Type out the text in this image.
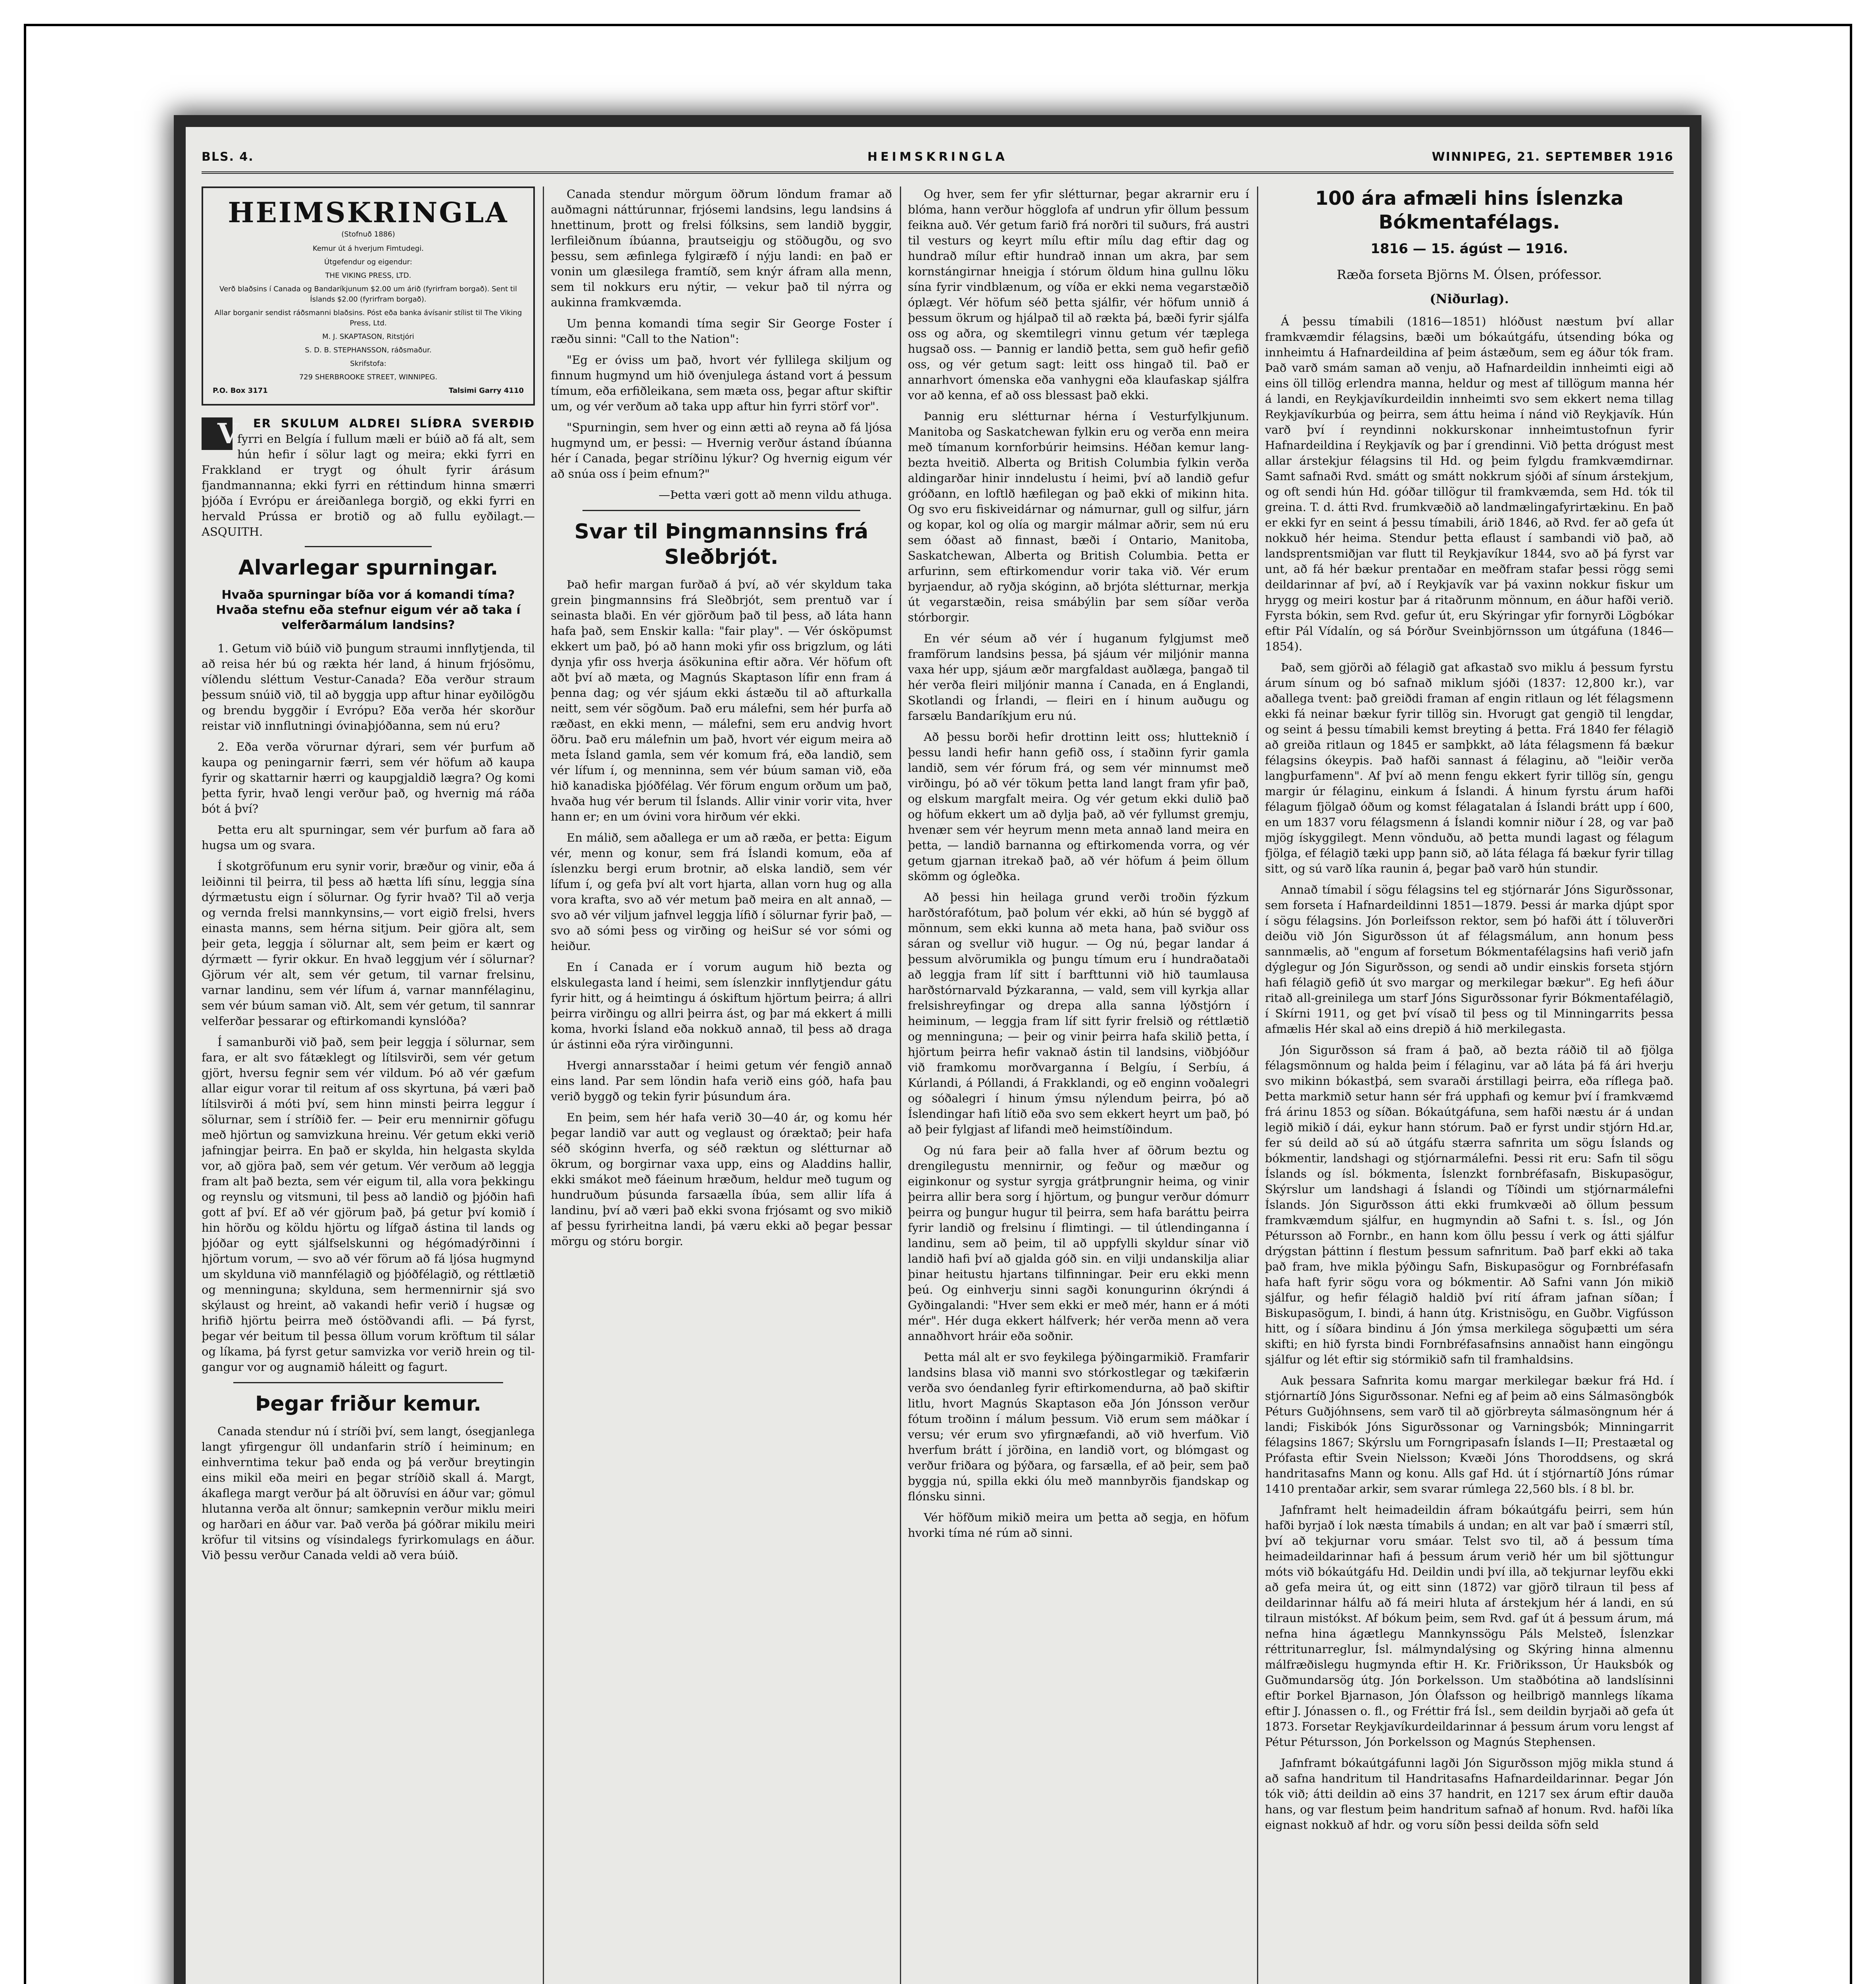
BLS. 4.	HEIMSKRINGLA	WINNIPEG, 21. SEPTEMBER 1916
HEIMSKRINGLA
(Stofnuð 1886)
Kemur út á hverjum Fimtudegi.
Útgefendur og eigendur:
THE VIKING PRESS, LTD.
Verð blaðsins í Canada og Bandaríkjunum $2.00 um árið (fyrirfram borgað). Sent til Íslands $2.00 (fyrirfram borgað).
Allar borganir sendist ráðsmanni blaðsins. Póst eða banka ávísanir stílist til The Viking Press, Ltd.
M. J. SKAPTASON, Ritstjóri
S. D. B. STEPHANSSON, ráðsmaður.
Skrifstofa:
729 SHERBROOKE STREET, WINNIPEG.
P.O. Box 3171	Talsimi Garry 4110

V ER SKULUM ALDREI SLÍÐRA SVERÐIÐ fyrri en Belgía í fullum mæli er búið að fá alt, sem hún hefir í sölur lagt og meira; ekki fyrri en Frakkland er trygt og óhult fyrir árásum fjandmannanna; ekki fyrri en réttindum hinna smærri þjóða í Evrópu er áreiðanlega borgið, og ekki fyrri en hervald Prússa er brotið og að fullu eyðilagt.—ASQUITH.

Alvarlegar spurningar.
Hvaða spurningar bíða vor á komandi tíma? Hvaða stefnu eða stefnur eigum vér að taka í velferðarmálum landsins?

1. Getum við búið við þungum straumi innflytjenda, til að reisa hér bú og rækta hér land, á hinum frjósömu, víðlendu sléttum Vestur-Canada? Eða verður straum þessum snúið við, til að byggja upp aftur hinar eyðilögðu og brendu byggðir í Evrópu? Eða verða hér skorður reistar við innflutningi óvinaþjóðanna, sem nú eru?

2. Eða verða vörurnar dýrari, sem vér þurfum að kaupa og peningarnir færri, sem vér höfum að kaupa fyrir og skattarnir hærri og kaupgjaldið lægra? Og komi þetta fyrir, hvað lengi verður það, og hvernig má ráða bót á því?

Þetta eru alt spurningar, sem vér þurfum að fara að hugsa um og svara.

Í skotgröfunum eru synir vorir, bræður og vinir, eða á leiðinni til þeirra, til þess að hætta lífi sínu, leggja sína dýrmætustu eign í sölurnar. Og fyrir hvað? Til að verja og vernda frelsi mannkynsins,— vort eigið frelsi, hvers einasta manns, sem hérna sitjum. Þeir gjöra alt, sem þeir geta, leggja í sölurnar alt, sem þeim er kært og dýrmætt — fyrir okkur. En hvað leggjum vér í sölurnar? Gjörum vér alt, sem vér getum, til varnar frelsinu, varnar landinu, sem vér lífum á, varnar mannfélaginu, sem vér búum saman við. Alt, sem vér getum, til sannrar velferðar þessarar og eftirkomandi kynslóða?

Í samanburði við það, sem þeir leggja í sölurnar, sem fara, er alt svo fátæklegt og lítilsvirði, sem vér getum gjört, hversu fegnir sem vér vildum. Þó að vér gæfum allar eigur vorar til reitum af oss skyrtuna, þá væri það lítilsvirði á móti því, sem hinn minsti þeirra leggur í sölurnar, sem í stríðið fer. — Þeir eru mennirnir göfugu með hjörtun og samvizkuna hreinu. Vér getum ekki verið jafningjar þeirra. En það er skylda, hin helgasta skylda vor, að gjöra það, sem vér getum. Vér verðum að leggja fram alt það bezta, sem vér eigum til, alla vora þekkingu og reynslu og vitsmuni, til þess að landið og þjóðin hafi gott af því. Ef að vér gjörum það, þá getur því komið í hin hörðu og köldu hjörtu og lífgað ástina til lands og þjóðar og eytt sjálfselskunni og hégómadýrðinni í hjörtum vorum, — svo að vér förum að fá ljósa hugmynd um skylduna við mannfélagið og þjóðfélagið, og réttlætið og menninguna; skylduna, sem hermennirnir sjá svo skýlaust og hreint, að vakandi hefir verið í hugsæ og hrifið hjörtu þeirra með óstöðvandi afli. — Þá fyrst, þegar vér beitum til þessa öllum vorum kröftum til sálar og líkama, þá fyrst getur samvizka vor verið hrein og til-gangur vor og augnamið háleitt og fagurt.

Þegar friður kemur.

Canada stendur nú í stríði því, sem langt, ósegjanlega langt yfirgengur öll undanfarin stríð í heiminum; en einhverntima tekur það enda og þá verður breytingin eins mikil eða meiri en þegar stríðið skall á. Margt, ákaflega margt verður þá alt öðruvísi en áður var; gömul hlutanna verða alt önnur; samkepnin verður miklu meiri og harðari en áður var. Það verða þá góðrar mikilu meiri kröfur til vitsins og vísindalegs fyrirkomulags en áður. Við þessu verður Canada veldi að vera búið.

Canada stendur mörgum öðrum löndum framar að auðmagni náttúrunnar, frjósemi landsins, legu landsins á hnettinum, þrott og frelsi fólksins, sem landið byggir, lerfileiðnum íbúanna, þrautseigju og stöðugðu, og svo þessu, sem æfinlega fylgiræfð í nýju landi: en það er vonin um glæsilega framtíð, sem knýr áfram alla menn, sem til nokkurs eru nýtir, — vekur það til nýrra og aukinna framkvæmda.

Um þenna komandi tíma segir Sir George Foster í ræðu sinni: "Call to the Nation":

"Eg er óviss um það, hvort vér fyllilega skiljum og finnum hugmynd um hið óvenjulega ástand vort á þessum tímum, eða erfiðleikana, sem mæta oss, þegar aftur skiftir um, og vér verðum að taka upp aftur hin fyrri störf vor".

"Spurningin, sem hver og einn ætti að reyna að fá ljósa hugmynd um, er þessi: — Hvernig verður ástand íbúanna hér í Canada, þegar stríðinu lýkur? Og hvernig eigum vér að snúa oss í þeim efnum?"

—Þetta væri gott að menn vildu athuga.

Svar til Þingmannsins frá Sleðbrjót.

Það hefir margan furðað á því, að vér skyldum taka grein þingmannsins frá Sleðbrjót, sem prentuð var í seinasta blaði. En vér gjörðum það til þess, að láta hann hafa það, sem Enskir kalla: "fair play". — Vér ósköpumst ekkert um það, þó að hann moki yfir oss brigzlum, og láti dynja yfir oss hverja ásökunina eftir aðra. Vér höfum oft aðt því að mæta, og Magnús Skaptason lífir enn fram á þenna dag; og vér sjáum ekki ástæðu til að afturkalla neitt, sem vér sögðum. Það eru málefni, sem hér þurfa að ræðast, en ekki menn, — málefni, sem eru andvig hvort öðru. Það eru málefnin um það, hvort vér eigum meira að meta Ísland gamla, sem vér komum frá, eða landið, sem vér lífum í, og menninna, sem vér búum saman við, eða hið kanadiska þjóðfélag. Vér förum engum orðum um það, hvaða hug vér berum til Íslands. Allir vinir vorir vita, hver hann er; en um óvini vora hirðum vér ekki.

En málið, sem aðallega er um að ræða, er þetta: Eigum vér, menn og konur, sem frá Íslandi komum, eða af íslenzku bergi erum brotnir, að elska landið, sem vér lífum í, og gefa því alt vort hjarta, allan vorn hug og alla vora krafta, svo að vér metum það meira en alt annað, — svo að vér viljum jafnvel leggja lífið í sölurnar fyrir það, — svo að sómi þess og virðing og heiSur sé vor sómi og heiður.

En í Canada er í vorum augum hið bezta og elskulegasta land í heimi, sem íslenzkir innflytjendur gátu fyrir hitt, og á heimtingu á óskiftum hjörtum þeirra; á allri þeirra virðingu og allri þeirra ást, og þar má ekkert á milli koma, hvorki Ísland eða nokkuð annað, til þess að draga úr ástinni eða rýra virðingunni.

Hvergi annarsstaðar í heimi getum vér fengið annað eins land. Par sem löndin hafa verið eins góð, hafa þau verið byggð og tekin fyrir þúsundum ára.

En þeim, sem hér hafa verið 30—40 ár, og komu hér þegar landið var autt og veglaust og óræktað; þeir hafa séð skóginn hverfa, og séð ræktun og slétturnar að ökrum, og borgirnar vaxa upp, eins og Aladdins hallir, ekki smákot með fáeinum hræðum, heldur með tugum og hundruðum þúsunda farsaælla íbúa, sem allir lífa á landinu, því að væri það ekki svona frjósamt og svo mikið af þessu fyrirheitna landi, þá væru ekki að þegar þessar mörgu og stóru borgir.

Og hver, sem fer yfir slétturnar, þegar akrarnir eru í blóma, hann verður högglofa af undrun yfir öllum þessum feikna auð. Vér getum farið frá norðri til suðurs, frá austri til vesturs og keyrt mílu eftir mílu dag eftir dag og hundrað mílur eftir hundrað innan um akra, þar sem kornstángirnar hneigja í stórum öldum hina gullnu löku sína fyrir vindblænum, og víða er ekki nema vegarstæðið óplægt. Vér höfum séð þetta sjálfir, vér höfum unnið á þessum ökrum og hjálpað til að rækta þá, bæði fyrir sjálfa oss og aðra, og skemtilegri vinnu getum vér tæplega hugsað oss. — Þannig er landið þetta, sem guð hefir gefið oss, og vér getum sagt: leitt oss hingað til. Það er annarhvort ómenska eða vanhygni eða klaufaskap sjálfra vor að kenna, ef að oss blessast það ekki.

Þannig eru slétturnar hérna í Vesturfylkjunum. Manitoba og Saskatchewan fylkin eru og verða enn meira með tímanum kornforbúrir heimsins. Héðan kemur lang-bezta hveitið. Alberta og British Columbia fylkin verða aldingarðar hinir inndelustu í heimi, því að landið gefur gróðann, en loftlð hæfilegan og það ekki of mikinn hita. Og svo eru fiskiveidárnar og námurnar, gull og silfur, járn og kopar, kol og olía og margir málmar aðrir, sem nú eru sem óðast að finnast, bæði í Ontario, Manitoba, Saskatchewan, Alberta og British Columbia. Þetta er arfurinn, sem eftirkomendur vorir taka við. Vér erum byrjaendur, að ryðja skóginn, að brjóta slétturnar, merkja út vegarstæðin, reisa smábýlin þar sem síðar verða stórborgir.

En vér séum að vér í huganum fylgjumst með framförum landsins þessa, þá sjáum vér miljónir manna vaxa hér upp, sjáum æðr margfaldast auðlæga, þangað til hér verða fleiri miljónir manna í Canada, en á Englandi, Skotlandi og Írlandi, — fleiri en í hinum auðugu og farsælu Bandaríkjum eru nú.

Að þessu borði hefir drottinn leitt oss; hlutteknið í þessu landi hefir hann gefið oss, í staðinn fyrir gamla landið, sem vér fórum frá, og sem vér minnumst með virðingu, þó að vér tökum þetta land langt fram yfir það, og elskum margfalt meira. Og vér getum ekki dulið það og höfum ekkert um að dylja það, að vér fyllumst gremju, hvenær sem vér heyrum menn meta annað land meira en þetta, — landið barnanna og eftirkomenda vorra, og vér getum gjarnan itrekað það, að vér höfum á þeim öllum skömm og ógleðka.

Að þessi hin heilaga grund verði troðin fýzkum harðstórafótum, það þolum vér ekki, að hún sé byggð af mönnum, sem ekki kunna að meta hana, það sviður oss sáran og svellur við hugur. — Og nú, þegar landar á þessum alvörumikla og þungu tímum eru í hundraðataði að leggja fram líf sitt í barfttunni við hið taumlausa harðstórnarvald Þýzkaranna, — vald, sem vill kyrkja allar frelsishreyfingar og drepa alla sanna lýðstjórn í heiminum, — leggja fram líf sitt fyrir frelsið og réttlætið og menninguna; — þeir og vinir þeirra hafa skilið þetta, í hjörtum þeirra hefir vaknað ástin til landsins, viðbjóður við framkomu morðvarganna í Belgíu, í Serbíu, á Kúrlandi, á Póllandi, á Frakklandi, og eð enginn voðalegri og sóðalegri í hinum ýmsu nýlendum þeirra, þó að Íslendingar hafi lítið eða svo sem ekkert heyrt um það, þó að þeir fylgjast af lifandi með heimstíðindum.

Og nú fara þeir að falla hver af öðrum beztu og drengilegustu mennirnir, og feður og mæður og eiginkonur og systur syrgja grátþrungnir heima, og vinir þeirra allir bera sorg í hjörtum, og þungur verður dómurr þeirra og þungur hugur til þeirra, sem hafa baráttu þeirra fyrir landið og frelsinu í flimtingi. — til útlendinganna í landinu, sem að þeim, til að uppfylli skyldur sínar við landið hafi því að gjalda góð sin. en vilji undanskilja aliar þinar heitustu hjartans tilfinningar. Þeir eru ekki menn þeú. Og einhverju sinni sagði konungurinn ókrýndi á Gyðingalandi: "Hver sem ekki er með mér, hann er á móti mér". Hér duga ekkert hálfverk; hér verða menn að vera annaðhvort hráir eða soðnir.

Þetta mál alt er svo feykilega þýðingarmikið. Framfarir landsins blasa við manni svo stórkostlegar og tækifærin verða svo óendanleg fyrir eftirkomendurna, að það skiftir litlu, hvort Magnús Skaptason eða Jón Jónsson verður fótum troðinn í málum þessum. Við erum sem máðkar í versu; vér erum svo yfirgnæfandi, að við hverfum. Við hverfum brátt í jörðina, en landið vort, og blómgast og verður friðara og þýðara, og farsælla, ef að þeir, sem það byggja nú, spilla ekki ólu með mannbyrðis fjandskap og flónsku sinni.

Vér höfðum mikið meira um þetta að segja, en höfum hvorki tíma né rúm að sinni.

100 ára afmæli hins Íslenzka Bókmentafélags.
1816 — 15. ágúst — 1916.
Ræða forseta Björns M. Ólsen, prófessor.
(Niðurlag).

Á þessu tímabili (1816—1851) hlóðust næstum því allar framkvæmdir félagsins, bæði um bókaútgáfu, útsending bóka og innheimtu á Hafnardeildina af þeim ástæðum, sem eg áður tók fram. Það varð smám saman að venju, að Hafnardeildin innheimti eigi að eins öll tillög erlendra manna, heldur og mest af tillögum manna hér á landi, en Reykjavíkurdeildin innheimti svo sem ekkert nema tillag Reykjavíkurbúa og þeirra, sem áttu heima í nánd við Reykjavík. Hún varð því í reyndinni nokkurskonar innheimtustofnun fyrir Hafnardeildina í Reykjavík og þar í grendinni. Við þetta drógust mest allar árstekjur félagsins til Hd. og þeim fylgdu framkvæmdirnar. Samt safnaði Rvd. smátt og smátt nokkrum sjóði af sínum árstekjum, og oft sendi hún Hd. góðar tillögur til framkvæmda, sem Hd. tók til greina. T. d. átti Rvd. frumkvæðið að landmælingafyrirtækinu. En það er ekki fyr en seint á þessu tímabili, árið 1846, að Rvd. fer að gefa út nokkuð hér heima. Stendur þetta eflaust í sambandi við það, að landsprentsmiðjan var flutt til Reykjavíkur 1844, svo að þá fyrst var unt, að fá hér bækur prentaðar en meðfram stafar þessi rögg semi deildarinnar af því, að í Reykjavík var þá vaxinn nokkur fiskur um hrygg og meiri kostur þar á ritaðrunm mönnum, en áður hafði verið. Fyrsta bókin, sem Rvd. gefur út, eru Skýringar yfir fornyrði Lögbókar eftir Pál Vídalín, og sá Þórður Sveinbjörnsson um útgáfuna (1846—1854).

Það, sem gjörði að félagið gat afkastað svo miklu á þessum fyrstu árum sínum og bó safnað miklum sjóði (1837: 12,800 kr.), var aðallega tvent: það greiðdi framan af engin ritlaun og lét félagsmenn ekki fá neinar bækur fyrir tillög sin. Hvorugt gat gengið til lengdar, og seint á þessu tímabili kemst breyting á þetta. Frá 1840 fer félagið að greiða ritlaun og 1845 er samþkkt, að láta félagsmenn fá bækur félagsins ókeypis. Það hafði sannast á félaginu, að "leiðir verða langþurfamenn". Af því að menn fengu ekkert fyrir tillög sín, gengu margir úr félaginu, einkum á Íslandi. Á hinum fyrstu árum hafði félagum fjölgað óðum og komst félagatalan á Íslandi brátt upp í 600, en um 1837 voru félagsmenn á Íslandi komnir niður í 28, og var það mjög ískyggilegt. Menn vönduðu, að þetta mundi lagast og félagum fjölga, ef félagið tæki upp þann sið, að láta félaga fá bækur fyrir tillag sitt, og sú varð líka raunin á, þegar það varð hún stundir.

Annað tímabil í sögu félagsins tel eg stjórnarár Jóns Sigurðssonar, sem forseta í Hafnardeildinni 1851—1879. Þessi ár marka djúpt spor í sögu félagsins. Jón Þorleifsson rektor, sem þó hafði átt í töluverðri deiðu við Jón Sigurðsson út af félagsmálum, ann honum þess sannmælis, að "engum af forsetum Bókmentafélagsins hafi verið jafn dýglegur og Jón Sigurðsson, og sendi að undir einskis forseta stjórn hafi félagið gefið út svo margar og merkilegar bækur". Eg hefi áður ritað all-greinilega um starf Jóns Sigurðssonar fyrir Bókmentafélagið, í Skírni 1911, og get því vísað til þess og til Minningarrits þessa afmælis Hér skal að eins drepið á hið merkilegasta.

Jón Sigurðsson sá fram á það, að bezta ráðið til að fjölga félagsmönnum og halda þeim í félaginu, var að láta þá fá ári hverju svo mikinn bókastþá, sem svaraði árstillagi þeirra, eða ríflega það. Þetta markmið setur hann sér frá upphafi og kemur því í framkvæmd frá árinu 1853 og síðan. Bókaútgáfuna, sem hafði næstu ár á undan legið mikið í dái, eykur hann stórum. Það er fyrst undir stjórn Hd.ar, fer sú deild að sú að útgáfu stærra safnrita um sögu Íslands og bókmentir, landshagi og stjórnarmálefni. Þessi rit eru: Safn til sögu Íslands og ísl. bókmenta, Íslenzkt fornbréfasafn, Biskupasögur, Skýrslur um landshagi á Íslandi og Tíðindi um stjórnarmálefni Íslands. Jón Sigurðsson átti ekki frumkvæði að öllum þessum framkvæmdum sjálfur, en hugmyndin að Safni t. s. Ísl., og Jón Pétursson að Fornbr., en hann kom öllu þessu í verk og átti sjálfur drýgstan þáttinn í flestum þessum safnritum. Það þarf ekki að taka það fram, hve mikla þýðingu Safn, Biskupasögur og Fornbréfasafn hafa haft fyrir sögu vora og bókmentir. Að Safni vann Jón mikið sjálfur, og hefir félagið haldið því rití áfram jafnan síðan; Í Biskupasögum, I. bindi, á hann útg. Kristnisögu, en Guðbr. Vigfússon hitt, og í síðara bindinu á Jón ýmsa merkilega söguþætti um séra skifti; en hið fyrsta bindi Fornbréfasafnsins annaðist hann eingöngu sjálfur og lét eftir sig stórmikið safn til framhaldsins.

Auk þessara Safnrita komu margar merkilegar bækur frá Hd. í stjórnartíð Jóns Sigurðssonar. Nefni eg af þeim að eins Sálmasöngbók Péturs Guðjóhnsens, sem varð til að gjörbreyta sálmasöngnum hér á landi; Fiskibók Jóns Sigurðssonar og Varningsbók; Minningarrit félagsins 1867; Skýrslu um Forngripasafn Íslands I—II; Prestaætal og Prófasta eftir Svein Nielsson; Kvæði Jóns Thoroddsens, og skrá handritasafns Mann og konu. Alls gaf Hd. út í stjórnartíð Jóns rúmar 1410 prentaðar arkir, sem svarar rúmlega 22,560 bls. í 8 bl. br.

Jafnframt helt heimadeildin áfram bókaútgáfu þeirri, sem hún hafði byrjað í lok næsta tímabils á undan; en alt var það í smærri stíl, því að tekjurnar voru smáar. Telst svo til, að á þessum tíma heimadeildarinnar hafi á þessum árum verið hér um bil sjöttungur móts við bókaútgáfu Hd. Deildin undi því illa, að tekjurnar leyfðu ekki að gefa meira út, og eitt sinn (1872) var gjörð tilraun til þess af deildarinnar hálfu að fá meiri hluta af árstekjum hér á landi, en sú tilraun mistókst. Af bókum þeim, sem Rvd. gaf út á þessum árum, má nefna hina ágætlegu Mannkynssögu Páls Melsteð, Íslenzkar réttritunarreglur, Ísl. málmyndalýsing og Skýring hinna almennu málfræðislegu hugmynda eftir H. Kr. Friðriksson, Úr Hauksbók og Guðmundarsög útg. Jón Þorkelsson. Um staðbótina að landslísinni eftir Þorkel Bjarnason, Jón Ólafsson og heilbrigð mannlegs líkama eftir J. Jónassen o. fl., og Fréttir frá Ísl., sem deildin byrjaði að gefa út 1873. Forsetar Reykjavíkurdeildarinnar á þessum árum voru lengst af Pétur Pétursson, Jón Þorkelsson og Magnús Stephensen.

Jafnframt bókaútgáfunni lagði Jón Sigurðsson mjög mikla stund á að safna handritum til Handritasafns Hafnardeildarinnar. Þegar Jón tók við; átti deildin að eins 37 handrit, en 1217 sex árum eftir dauða hans, og var flestum þeim handritum safnað af honum. Rvd. hafði líka eignast nokkuð af hdr. og voru síðn þessi deilda söfn seld
